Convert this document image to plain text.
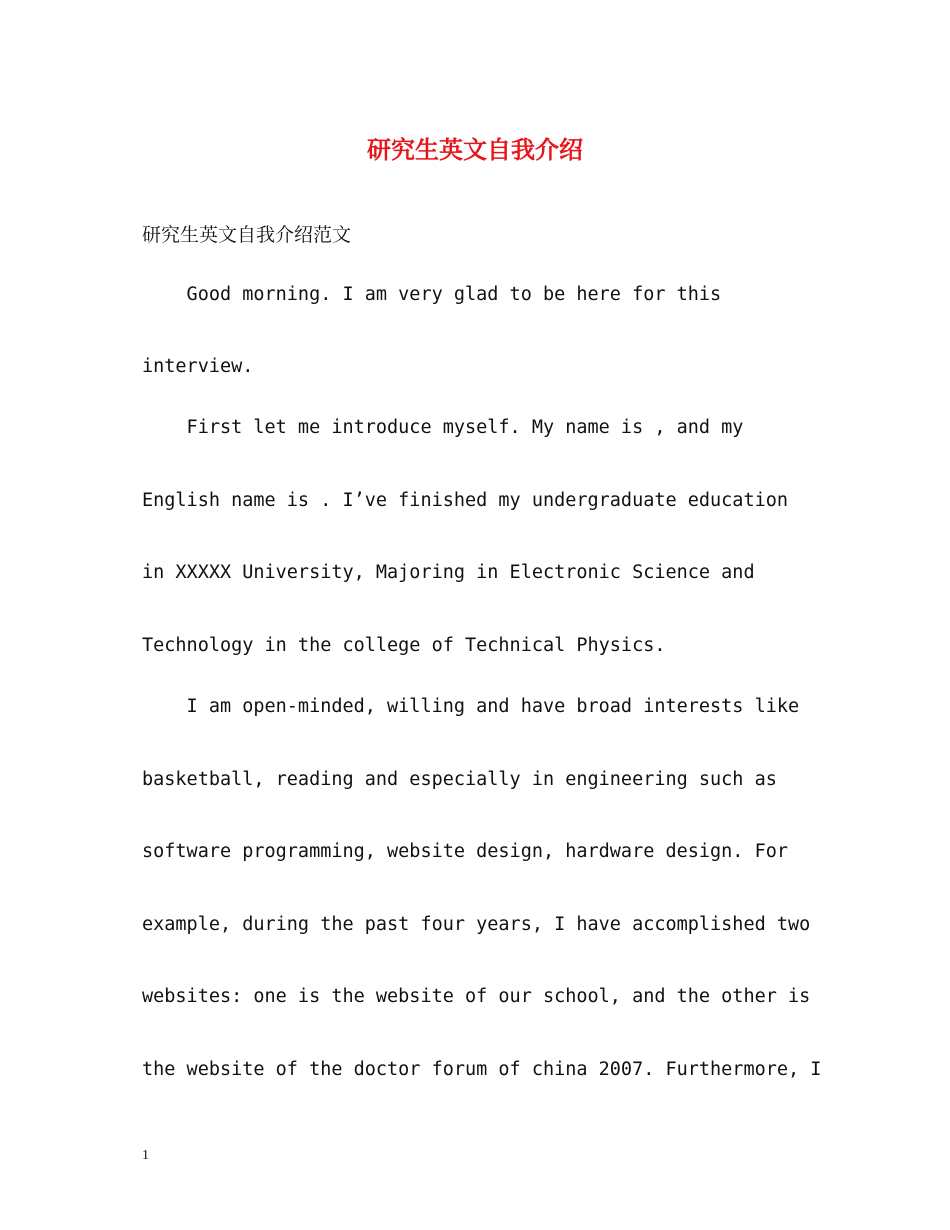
研究生英文自我介绍
研究生英文自我介绍范文
Good morning. I am very glad to be here for this
interview.
First let me introduce myself. My name is , and my
English name is . I’ve finished my undergraduate education
in XXXXX University, Majoring in Electronic Science and
Technology in the college of Technical Physics.
I am open-minded, willing and have broad interests like
basketball, reading and especially in engineering such as
software programming, website design, hardware design. For
example, during the past four years, I have accomplished two
websites: one is the website of our school, and the other is
the website of the doctor forum of china 2007. Furthermore, I
1
